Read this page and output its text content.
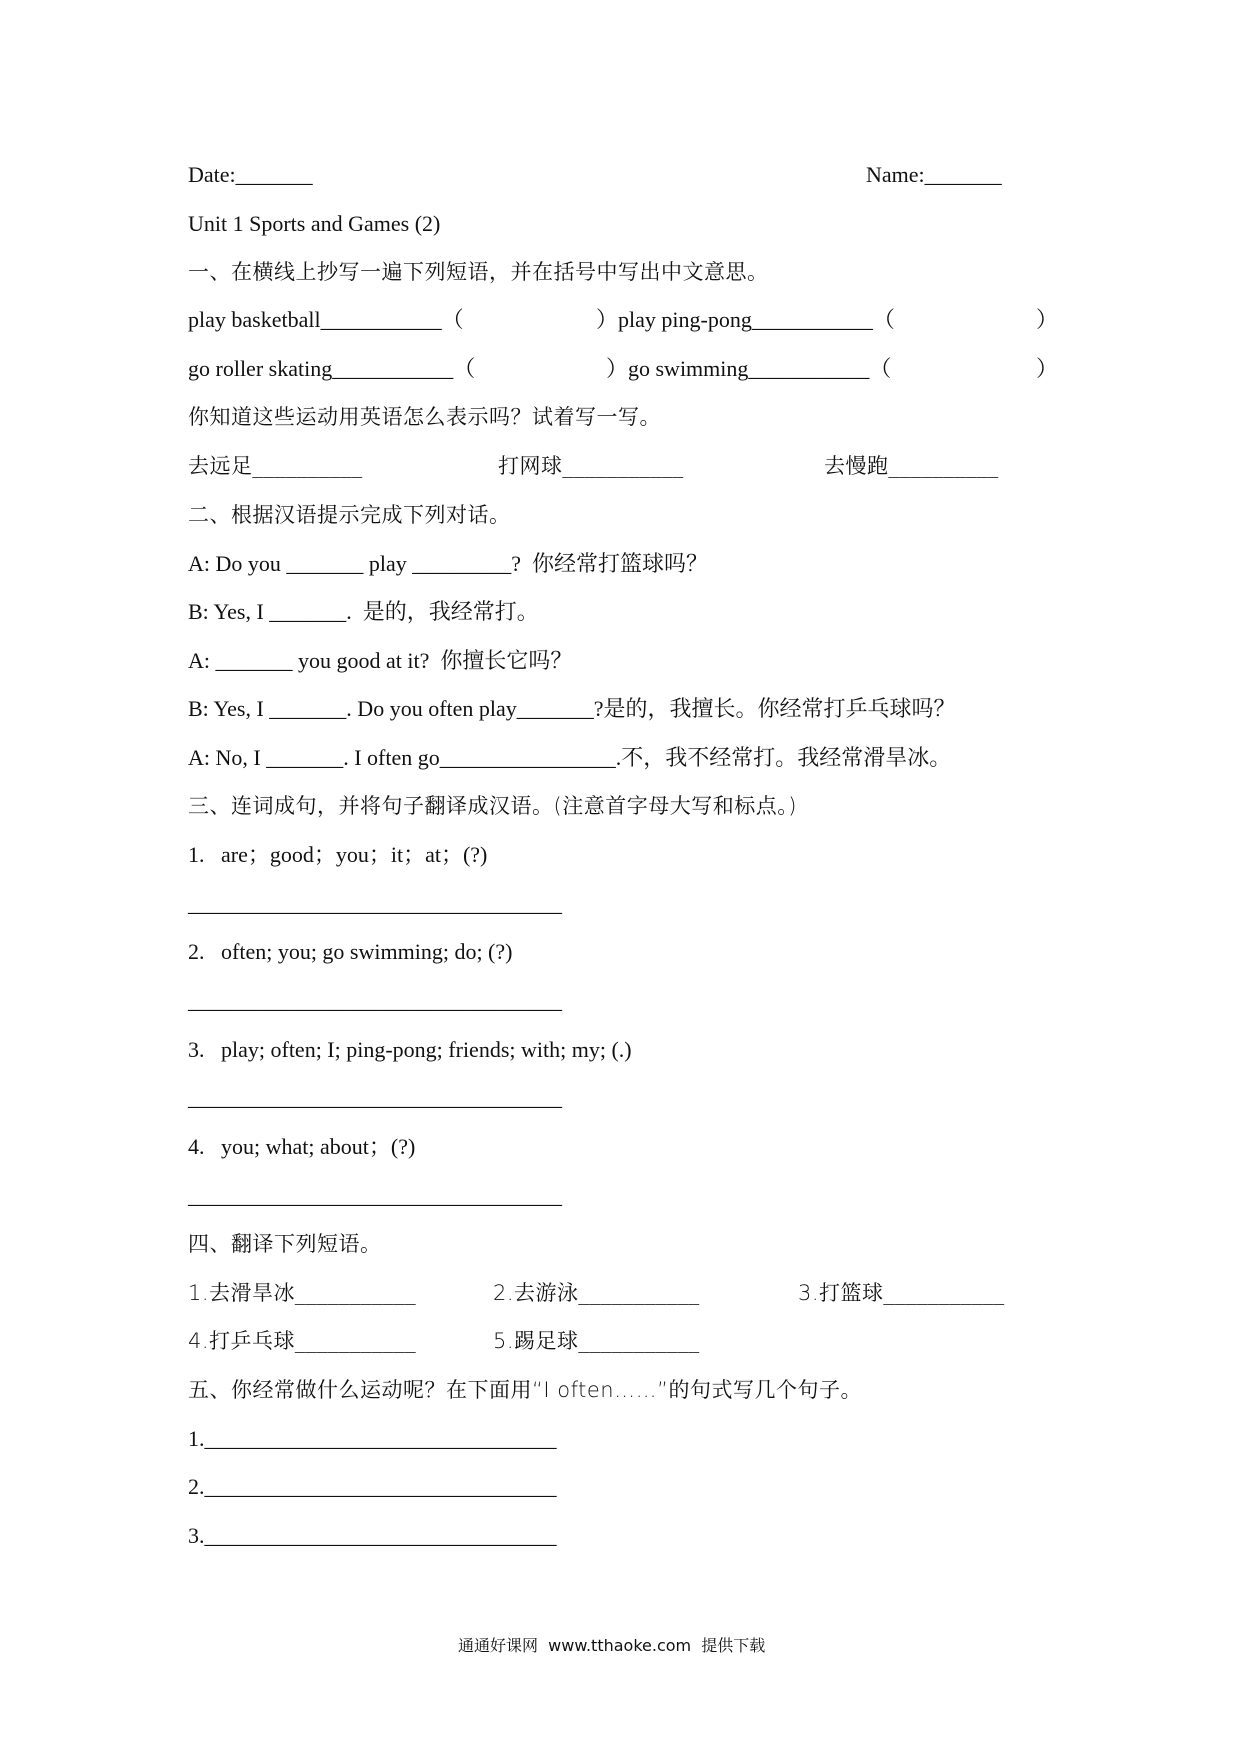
Date:_______	Name:_______
Unit 1 Sports and Games (2)
一、在横线上抄写一遍下列短语，并在括号中写出中文意思。
play basketball___________（	）play ping-pong___________（	）
go roller skating___________（	）go swimming___________（	）
你知道这些运动用英语怎么表示吗？试着写一写。
去远足__________	打网球___________	去慢跑__________
二、根据汉语提示完成下列对话。
A: Do you _______ play _________?  你经常打篮球吗？
B: Yes, I _______.  是的，我经常打。
A: _______ you good at it?  你擅长它吗？
B: Yes, I _______. Do you often play_______?是的，我擅长。你经常打乒乓球吗？
A: No, I _______. I often go________________.不，我不经常打。我经常滑旱冰。
三、连词成句，并将句子翻译成汉语。(注意首字母大写和标点。)
1.   are；good；you；it；at；(?)
__________________________________
2.   often; you; go swimming; do; (?)
__________________________________
3.   play; often; I; ping-pong; friends; with; my; (.)
__________________________________
4.   you; what; about；(?)
__________________________________
四、翻译下列短语。
1.去滑旱冰___________	2.去游泳___________	3.打篮球___________
4.打乒乓球___________	5.踢足球___________
五、你经常做什么运动呢？在下面用“I often……”的句式写几个句子。
1.________________________________
2.________________________________
3.________________________________
通通好课网  www.tthaoke.com  提供下载
